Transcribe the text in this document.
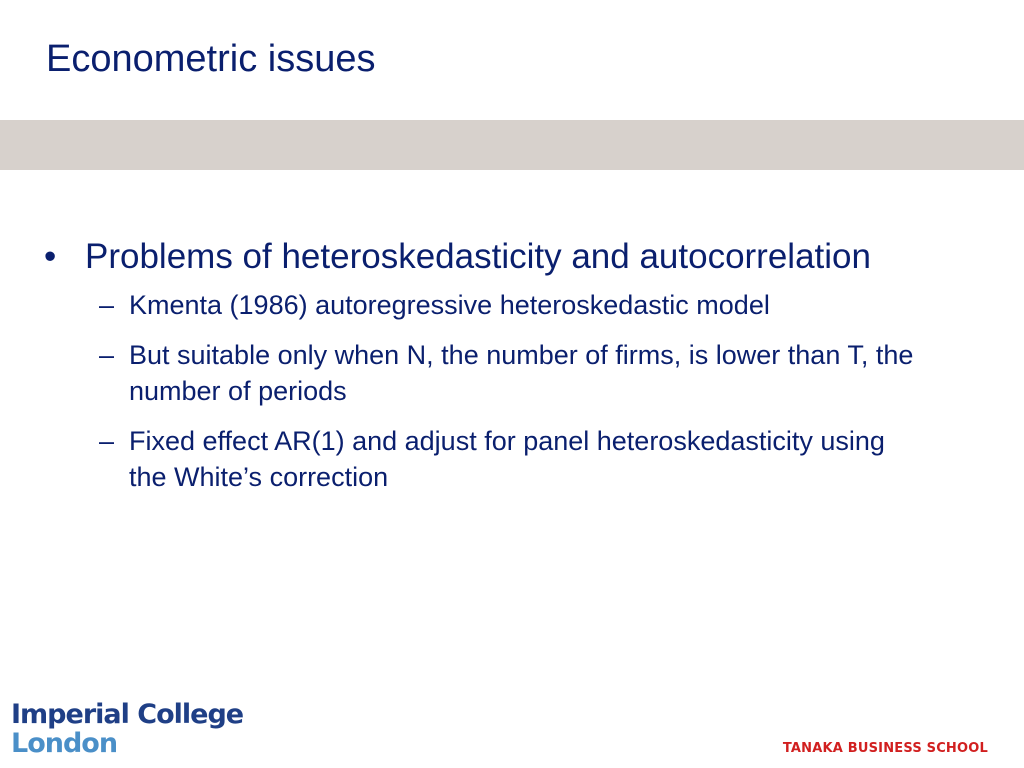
Econometric issues
• Problems of heteroskedasticity and autocorrelation
– Kmenta (1986) autoregressive heteroskedastic model
– But suitable only when N, the number of firms, is lower than T, the number of periods
– Fixed effect AR(1) and adjust for panel heteroskedasticity using the White’s correction
Imperial College
London	TANAKA BUSINESS SCHOOL
